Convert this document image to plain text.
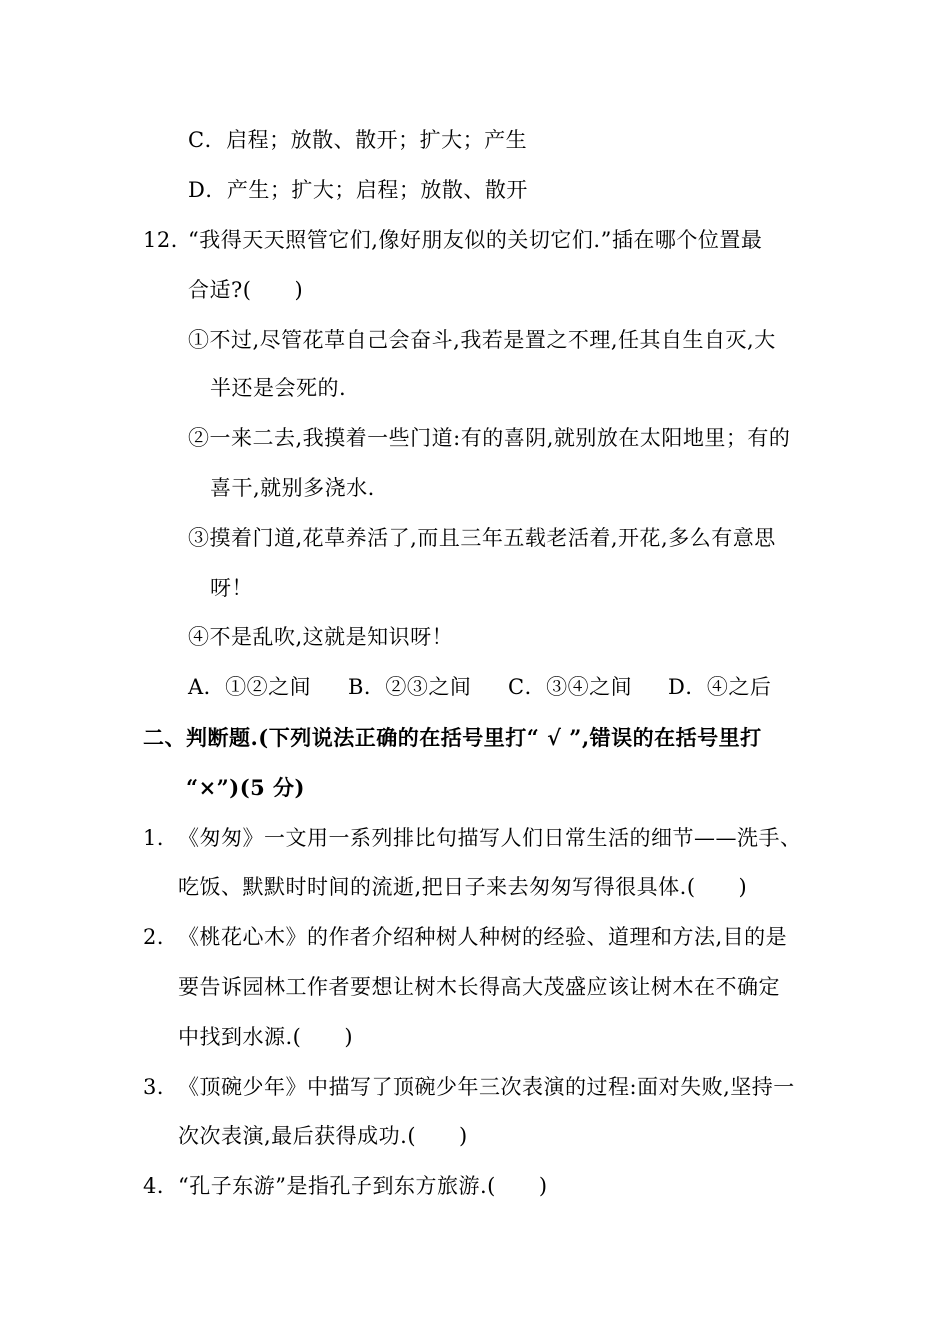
C．启程；放散、散开；扩大；产生
D．产生；扩大；启程；放散、散开
12．
“我得天天照管它们,像好朋友似的关切它们.”插在哪个位置最
合适?(　　)
①不过,尽管花草自己会奋斗,我若是置之不理,任其自生自灭,大
半还是会死的.
②一来二去,我摸着一些门道:有的喜阴,就别放在太阳地里；有的
喜干,就别多浇水.
③摸着门道,花草养活了,而且三年五载老活着,开花,多么有意思
呀！
④不是乱吹,这就是知识呀！
A．①②之间 B．②③之间 C．③④之间 D．④之后
二、判断题.(下列说法正确的在括号里打“ √ ”,错误的在括号里打
“×”)(5 分)
1． 《匆匆》一文用一系列排比句描写人们日常生活的细节——洗手、
吃饭、默默时时间的流逝,把日子来去匆匆写得很具体.(　　)
2． 《桃花心木》的作者介绍种树人种树的经验、道理和方法,目的是
要告诉园林工作者要想让树木长得高大茂盛应该让树木在不确定
中找到水源.(　　)
3． 《顶碗少年》中描写了顶碗少年三次表演的过程:面对失败,坚持一
次次表演,最后获得成功.(　　)
4． “孔子东游”是指孔子到东方旅游.(　　)
